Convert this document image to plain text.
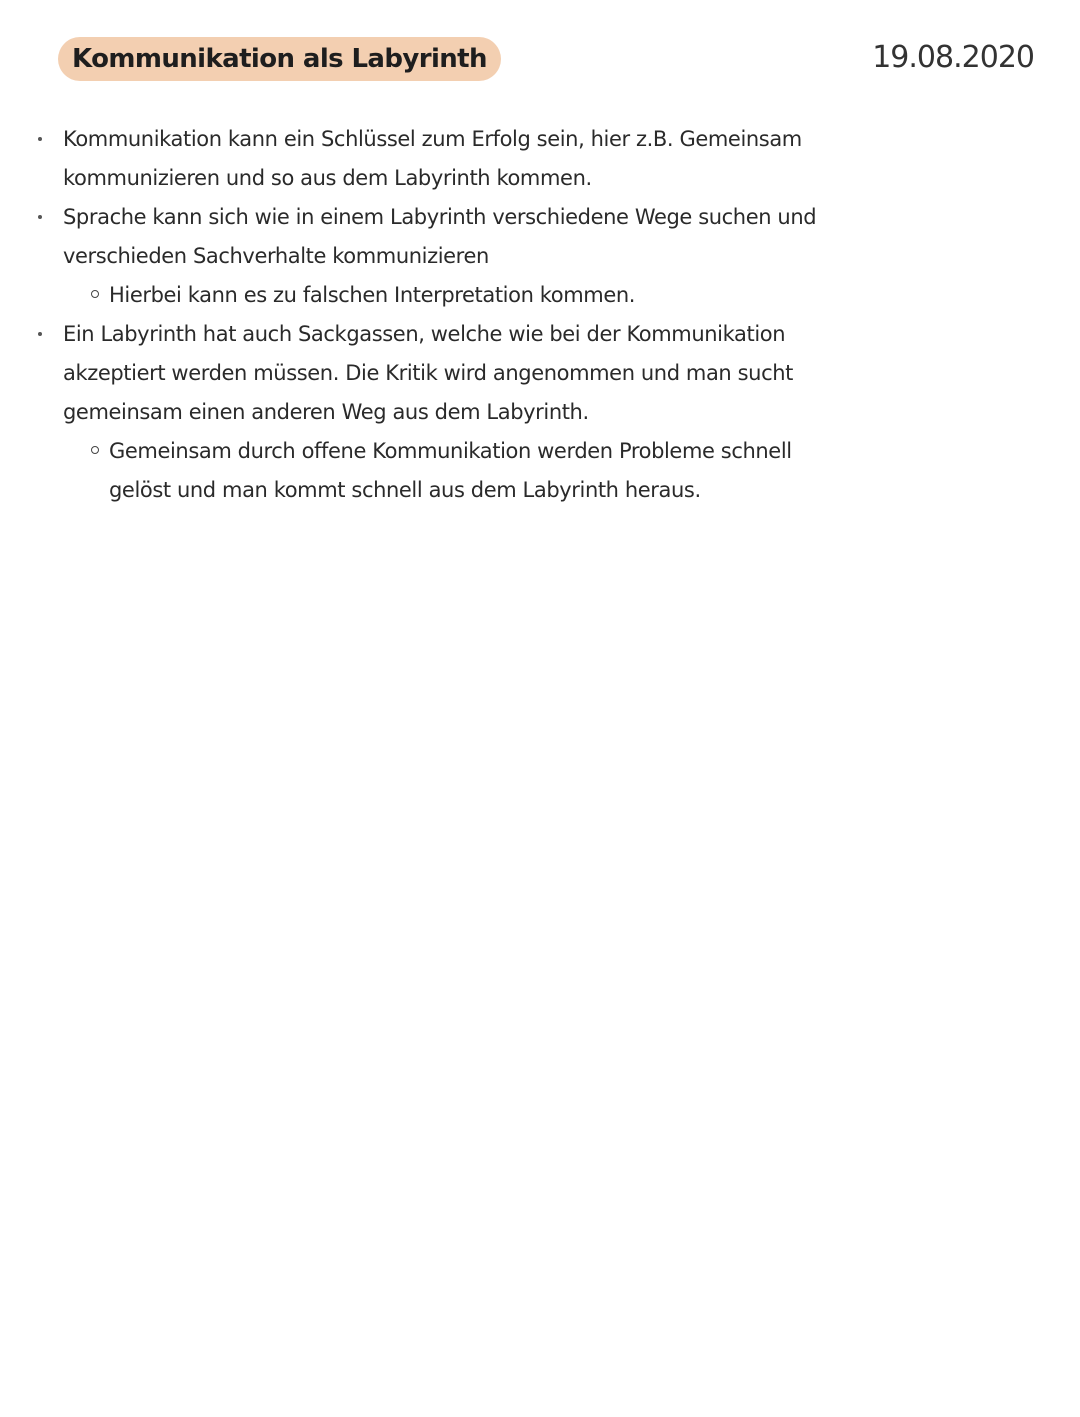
Kommunikation als Labyrinth	19.08.2020
Kommunikation kann ein Schlüssel zum Erfolg sein, hier z.B. Gemeinsam kommunizieren und so aus dem Labyrinth kommen.
Sprache kann sich wie in einem Labyrinth verschiedene Wege suchen und verschieden Sachverhalte kommunizieren
Hierbei kann es zu falschen Interpretation kommen.
Ein Labyrinth hat auch Sackgassen, welche wie bei der Kommunikation akzeptiert werden müssen. Die Kritik wird angenommen und man sucht gemeinsam einen anderen Weg aus dem Labyrinth.
Gemeinsam durch offene Kommunikation werden Probleme schnell gelöst und man kommt schnell aus dem Labyrinth heraus.
